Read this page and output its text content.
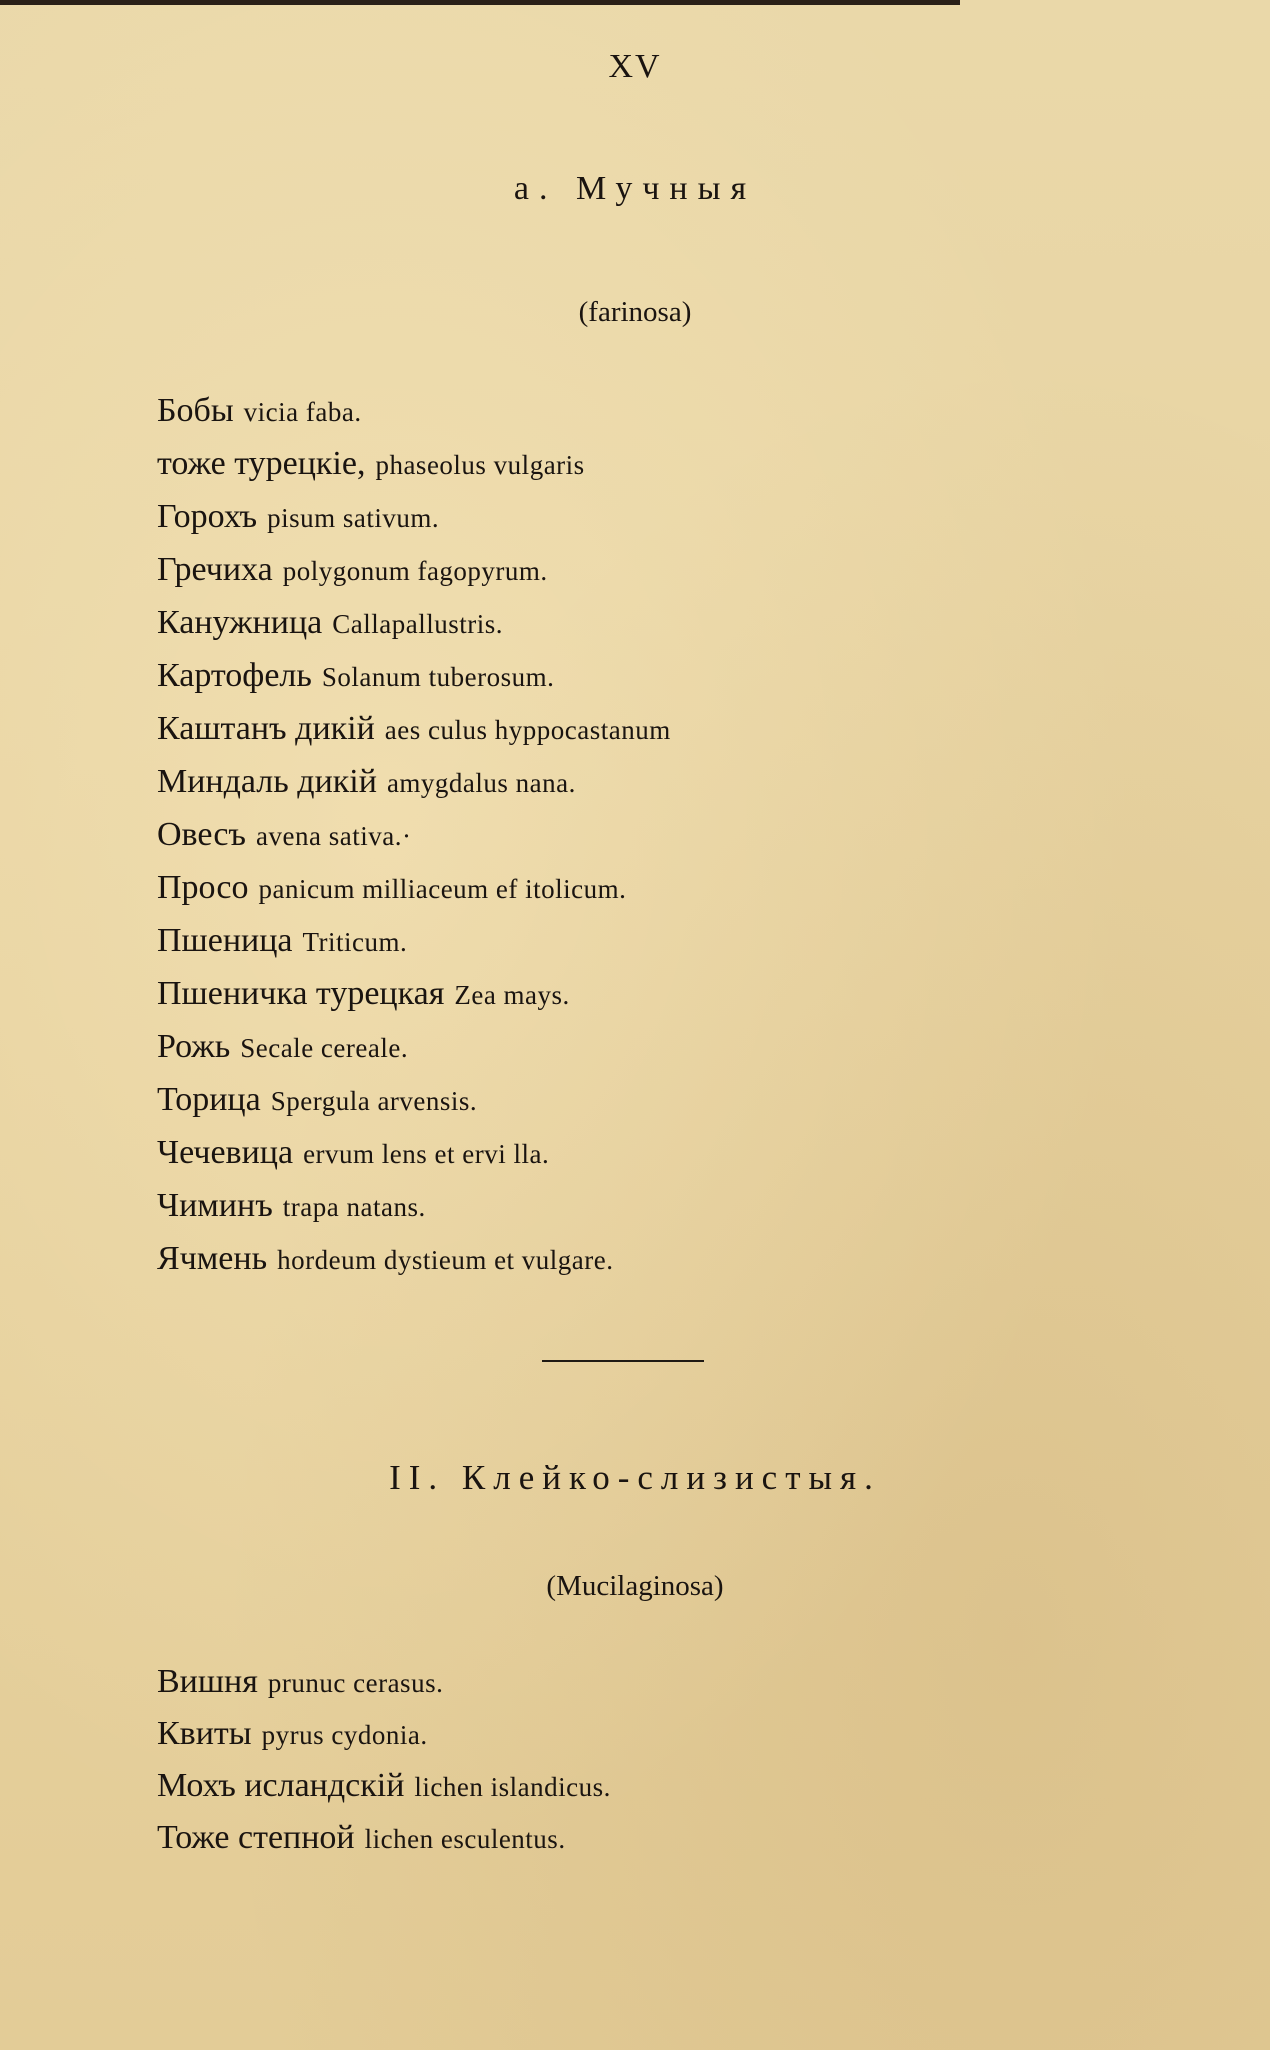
XV
а. Мучныя
(farinosa)
Бобы vicia faba.
тоже турецкіе, phaseolus vulgaris
Горохъ pisum sativum.
Гречиха polygonum fagopyrum.
Канужница Callapallustris.
Картофель Solanum tuberosum.
Каштанъ дикій aes culus hyppocastanum
Миндаль дикій amygdalus nana.
Овесъ avena sativa.·
Просо panicum milliaceum ef itolicum.
Пшеница Triticum.
Пшеничка турецкая Zea mays.
Рожь Secale cereale.
Торица Spergula arvensis.
Чечевица ervum lens et ervi lla.
Чиминъ trapa natans.
Ячмень hordeum dystieum et vulgare.
II. Клейко-слизистыя.
(Mucilaginosa)
Вишня prunuc cerasus.
Квиты pyrus cydonia.
Мохъ исландскій lichen islandicus.
Тоже степной lichen esculentus.
